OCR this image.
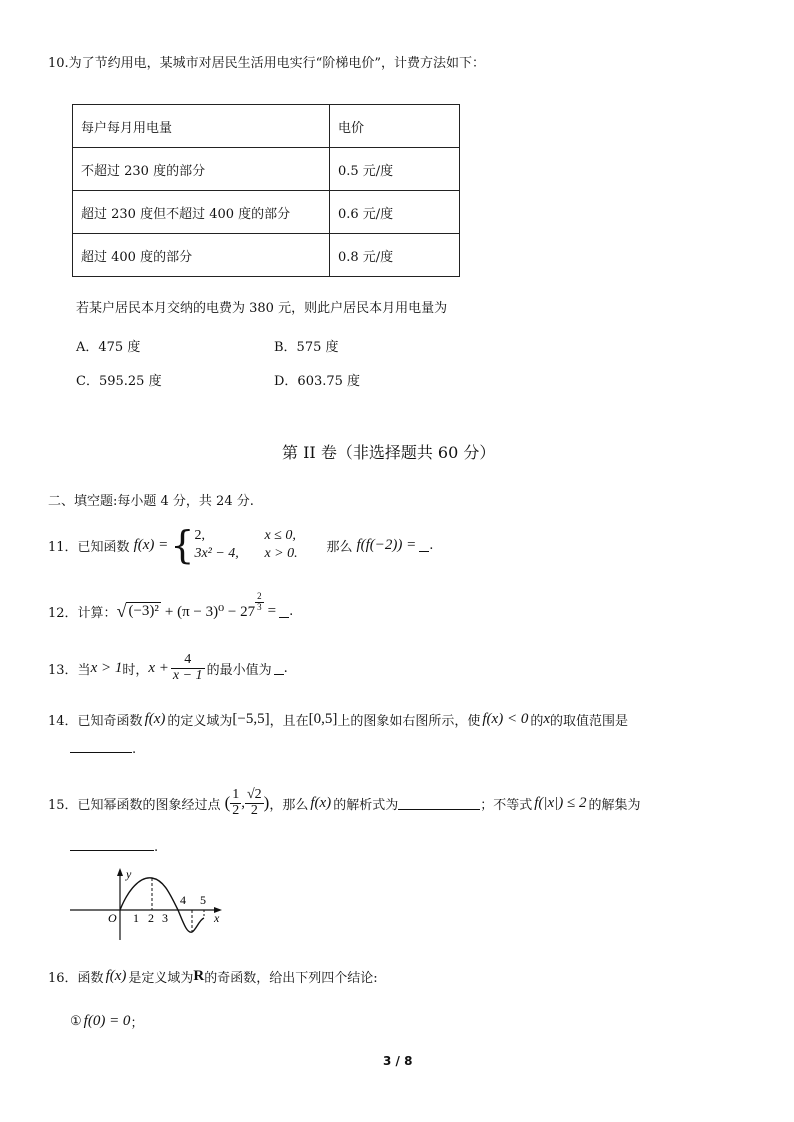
10.为了节约用电，某城市对居民生活用电实行“阶梯电价”，计费方法如下：
每户每月用电量	电价
不超过 230 度的部分	0.5 元/度
超过 230 度但不超过 400 度的部分	0.6 元/度
超过 400 度的部分	0.8 元/度
若某户居民本月交纳的电费为 380 元，则此户居民本月用电量为
A．475 度	B．575 度
C．595.25 度	D．603.75 度
第 II 卷（非选择题共 60 分）
二、填空题:每小题 4 分，共 24 分.
11． 已知函数 f(x) = { 2,	x ≤ 0,
3x² − 4,	x > 0.	那么 f(f(−2)) = .
12． 计算： √ $(-3)^2 + (\pi - 3)^0 - 27 \frac{2}{3}$ = .
13． 当 x > 1 时， $x + \frac{4}{x - 1}$ 的最小值为 .
14． 已知奇函数 f(x) 的定义域为 [−5,5] ，且在 [0,5] 上的图象如右图所示，使 f(x) < 0 的 x 的取值范围是
.
15． 已知幂函数的图象经过点 ( $\frac{1}{2}$ , $\frac{√2}{2}$ ) ，那么 f(x) 的解析式为	；不等式 f(|x|) ≤ 2 的解集为
.
y
x
O 1 2 3
4 5
16． 函数 f(x) 是定义域为 R 的奇函数，给出下列四个结论:
① f(0) = 0 ；
3 / 8
